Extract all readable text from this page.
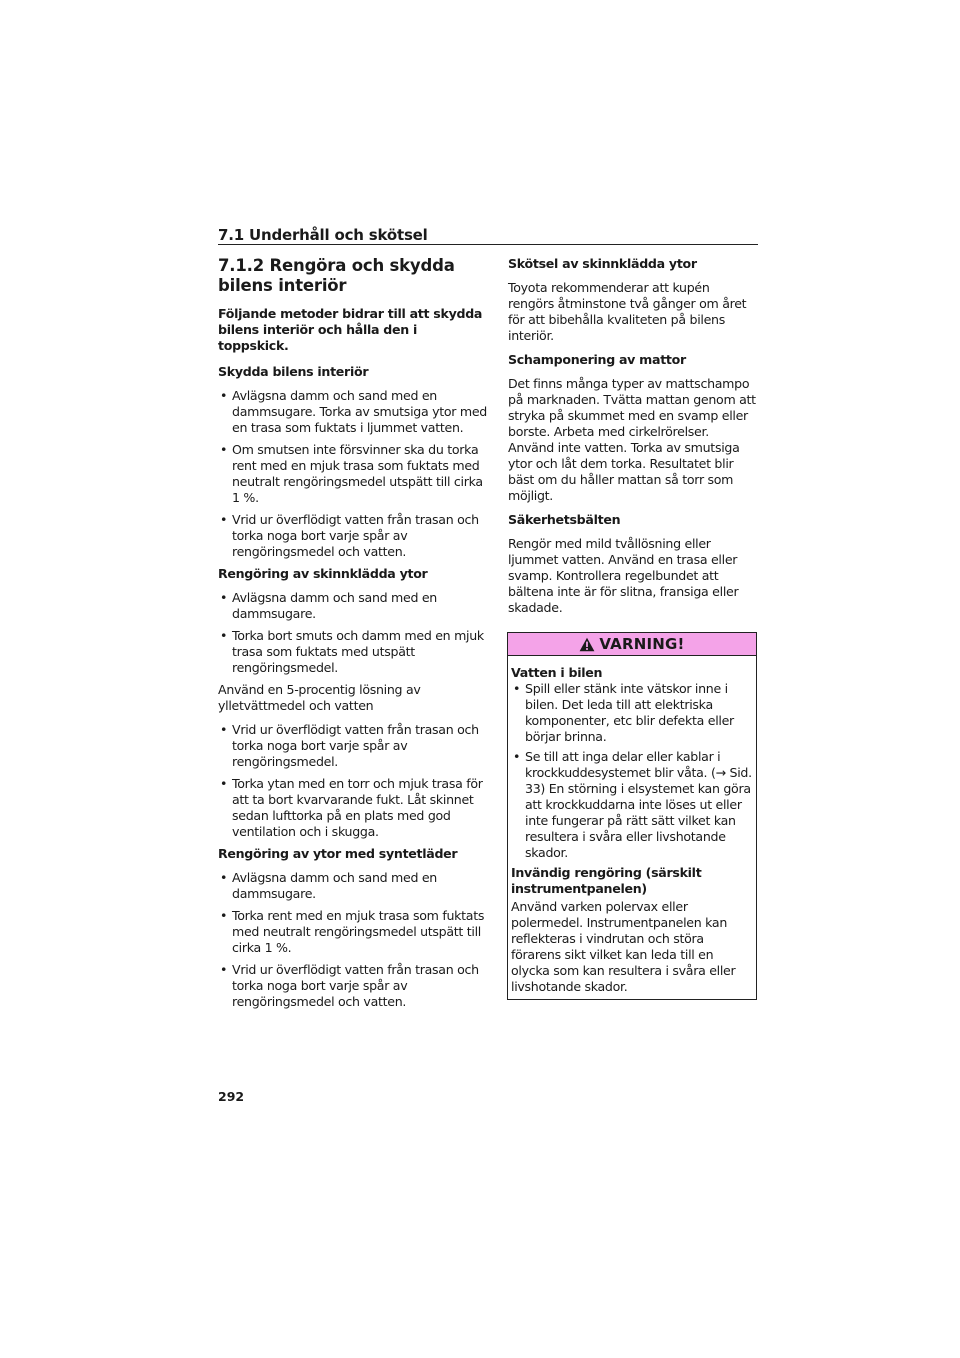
7.1 Underhåll och skötsel
7.1.2 Rengöra och skydda bilens interiör

Följande metoder bidrar till att skydda bilens interiör och hålla den i toppskick.

Skydda bilens interiör

• Avlägsna damm och sand med en dammsugare. Torka av smutsiga ytor med en trasa som fuktats i ljummet vatten.
• Om smutsen inte försvinner ska du torka rent med en mjuk trasa som fuktats med neutralt rengöringsmedel utspätt till cirka 1 %.
• Vrid ur överflödigt vatten från trasan och torka noga bort varje spår av rengöringsmedel och vatten.

Rengöring av skinnklädda ytor

• Avlägsna damm och sand med en dammsugare.
• Torka bort smuts och damm med en mjuk trasa som fuktats med utspätt rengöringsmedel.

Använd en 5-procentig lösning av ylletvättmedel och vatten

• Vrid ur överflödigt vatten från trasan och torka noga bort varje spår av rengöringsmedel.
• Torka ytan med en torr och mjuk trasa för att ta bort kvarvarande fukt. Låt skinnet sedan lufttorka på en plats med god ventilation och i skugga.

Rengöring av ytor med syntetläder

• Avlägsna damm och sand med en dammsugare.
• Torka rent med en mjuk trasa som fuktats med neutralt rengöringsmedel utspätt till cirka 1 %.
• Vrid ur överflödigt vatten från trasan och torka noga bort varje spår av rengöringsmedel och vatten.

Skötsel av skinnklädda ytor

Toyota rekommenderar att kupén rengörs åtminstone två gånger om året för att bibehålla kvaliteten på bilens interiör.

Schamponering av mattor

Det finns många typer av mattschampo på marknaden. Tvätta mattan genom att stryka på skummet med en svamp eller borste. Arbeta med cirkelrörelser. Använd inte vatten. Torka av smutsiga ytor och låt dem torka. Resultatet blir bäst om du håller mattan så torr som möjligt.

Säkerhetsbälten

Rengör med mild tvållösning eller ljummet vatten. Använd en trasa eller svamp. Kontrollera regelbundet att bältena inte är för slitna, fransiga eller skadade.

VARNING!

Vatten i bilen

• Spill eller stänk inte vätskor inne i bilen. Det leda till att elektriska komponenter, etc blir defekta eller börjar brinna.
• Se till att inga delar eller kablar i krockkuddesystemet blir våta. (→ Sid. 33) En störning i elsystemet kan göra att krockkuddarna inte löses ut eller inte fungerar på rätt sätt vilket kan resultera i svåra eller livshotande skador.

Invändig rengöring (särskilt instrumentpanelen)

Använd varken polervax eller polermedel. Instrumentpanelen kan reflekteras i vindrutan och störa förarens sikt vilket kan leda till en olycka som kan resultera i svåra eller livshotande skador.

292
